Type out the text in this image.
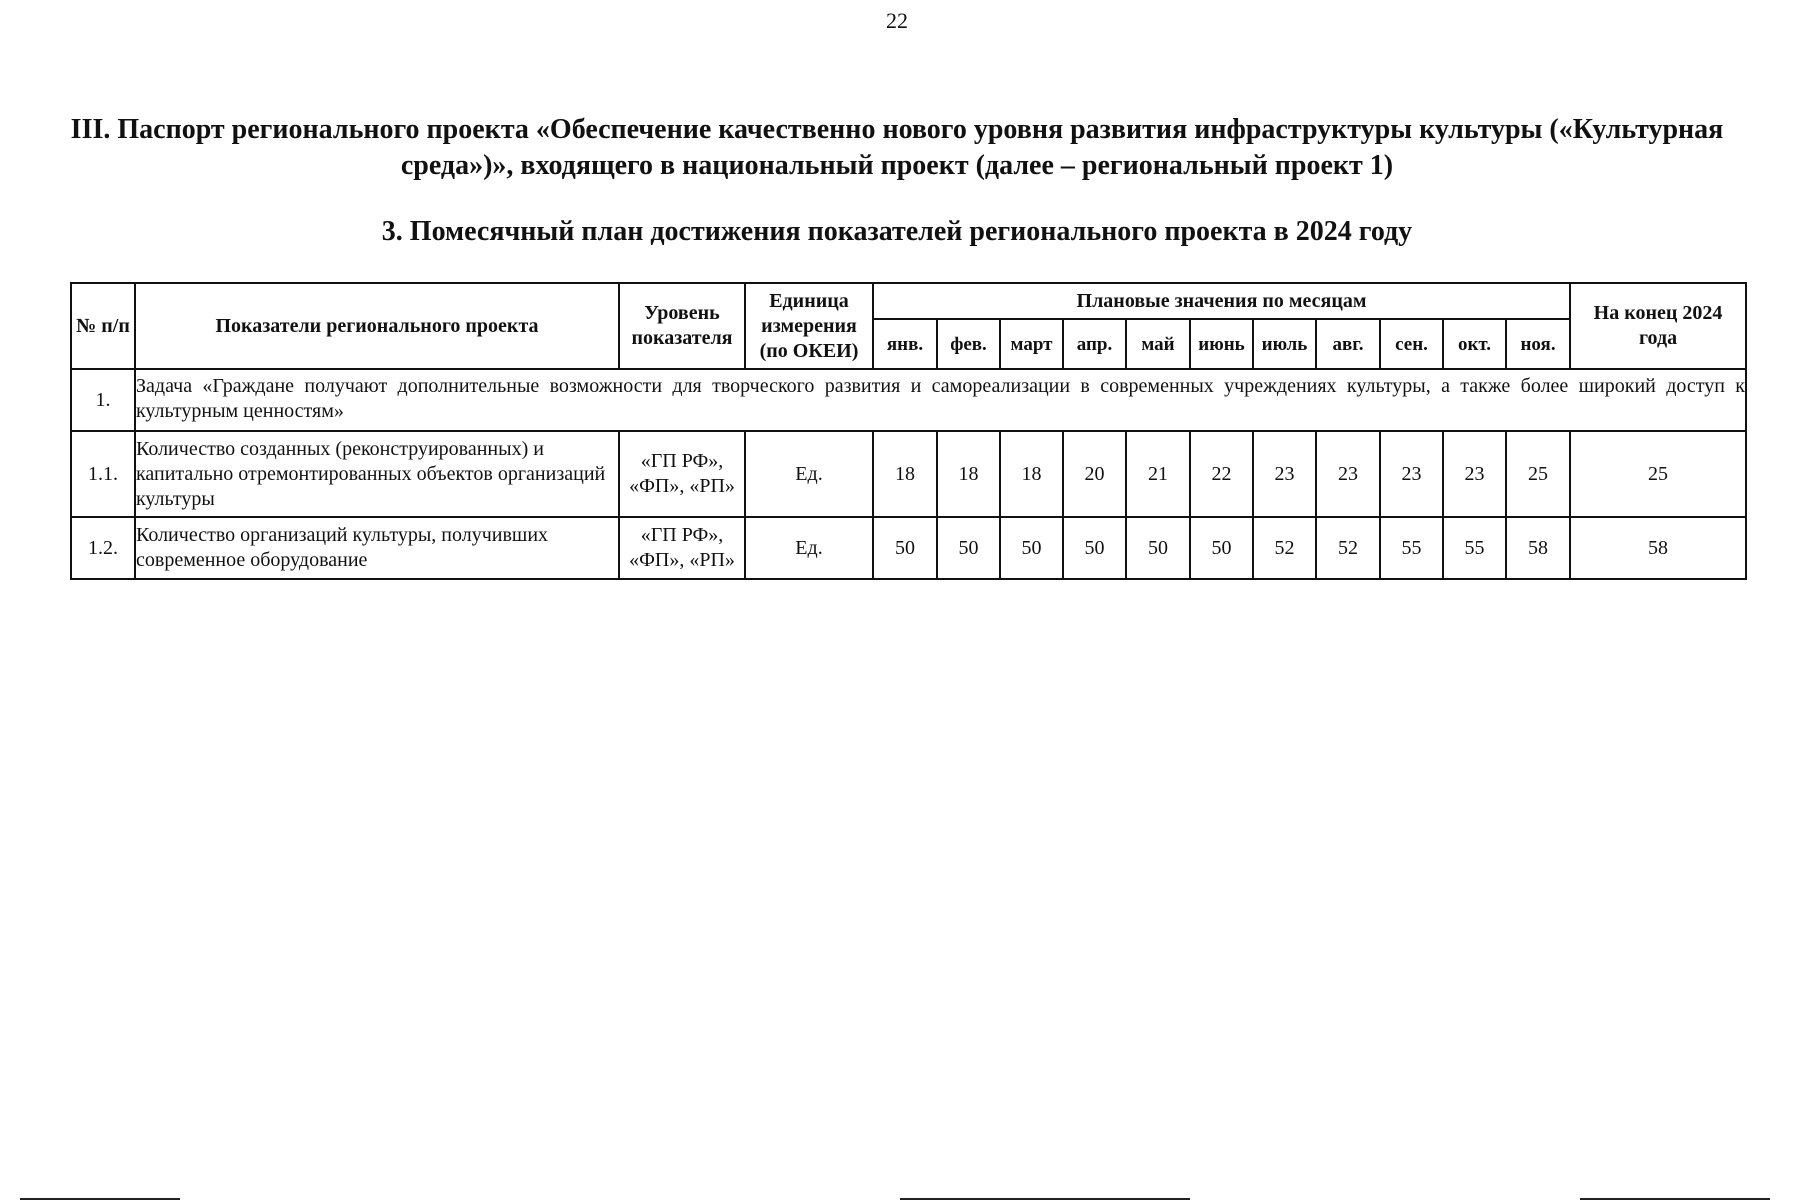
22
III. Паспорт регионального проекта «Обеспечение качественно нового уровня развития инфраструктуры культуры («Культурная среда»)», входящего в национальный проект (далее – региональный проект 1)
3. Помесячный план достижения показателей регионального проекта в 2024 году
№ п/п	Показатели регионального проекта	Уровень показателя	Единица измерения (по ОКЕИ)	Плановые значения по месяцам											На конец 2024 года
				янв.	фев.	март	апр.	май	июнь	июль	авг.	сен.	окт.	ноя.	
1.	Задача «Граждане получают дополнительные возможности для творческого развития и самореализации в современных учреждениях культуры, а также более широкий доступ к культурным ценностям»														
1.1.	Количество созданных (реконструированных) и капитально отремонтированных объектов организаций культуры	«ГП РФ», «ФП», «РП»	Ед.	18	18	18	20	21	22	23	23	23	23	25	25
1.2.	Количество организаций культуры, получивших современное оборудование	«ГП РФ», «ФП», «РП»	Ед.	50	50	50	50	50	50	52	52	55	55	58	58
